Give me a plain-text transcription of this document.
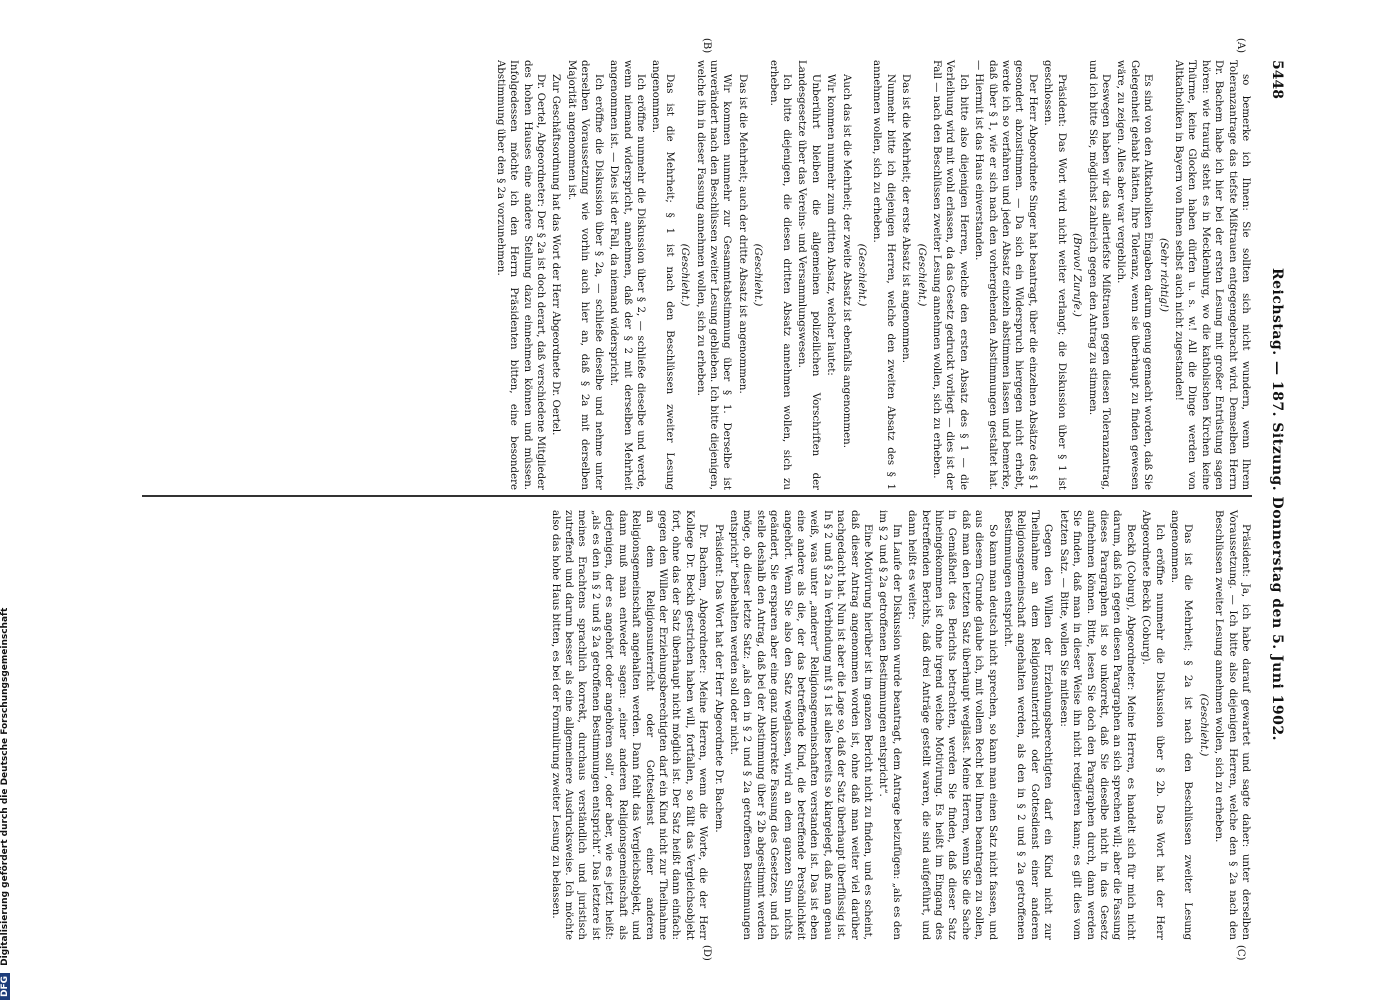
5448
Reichstag. — 187. Sitzung. Donnerstag den 5. Juni 1902.
(A)
(B)
(C)
(D)

so bemerke ich Ihnen: Sie sollten sich nicht wundern, wenn Ihrem Toleranzantrage das tiefste Mißtrauen entgegengebracht wird. Demselben Herrn Dr. Bachem habe ich hier bei der ersten Lesung mit großer Entrüstung sagen hören: wie traurig steht es in Mecklenburg, wo die katholischen Kirchen keine Thürme, keine Glocken haben dürfen u. s. w.! All die Dinge werden von Altkatholiken in Bayern von Ihnen selbst auch nicht zugestanden!

(Sehr richtig!)

Es sind von den Altkatholiken Eingaben darum genug gemacht worden, daß Sie Gelegenheit gehabt hätten, Ihre Toleranz, wenn sie überhaupt zu finden gewesen wäre, zu zeigen. Alles aber war vergeblich.

Deswegen haben wir das allertiefste Mißtrauen gegen diesen Toleranzantrag, und ich bitte Sie, möglichst zahlreich gegen den Antrag zu stimmen.

(Bravo! Zurufe.)

Präsident: Das Wort wird nicht weiter verlangt; die Diskussion über § 1 ist geschlossen.

Der Herr Abgeordnete Singer hat beantragt, über die einzelnen Absätze des § 1 gesondert abzustimmen. — Da sich ein Widerspruch hiergegen nicht erhebt, werde ich so verfahren und jeden Absatz einzeln abstimmen lassen und bemerke, daß über § 1, wie er sich nach den vorhergehenden Abstimmungen gestaltet hat. — Hiermit ist das Haus einverstanden.

Ich bitte also diejenigen Herren, welche den ersten Absatz des § 1 — die Verleihung wird mit wohl erlassen, da das Gesetz gedruckt vorliegt — dies ist der Fall — nach den Beschlüssen zweiter Lesung annehmen wollen, sich zu erheben.

(Geschieht.)

Das ist die Mehrheit; der erste Absatz ist angenommen.

Nunmehr bitte ich diejenigen Herren, welche den zweiten Absatz des § 1 annehmen wollen, sich zu erheben.

(Geschieht.)

Auch das ist die Mehrheit; der zweite Absatz ist ebenfalls angenommen.

Wir kommen nunmehr zum dritten Absatz, welcher lautet:

Unberührt bleiben die allgemeinen polizeilichen Vorschriften der Landesgesetze über das Vereins- und Versammlungswesen.

Ich bitte diejenigen, die diesen dritten Absatz annehmen wollen, sich zu erheben.

(Geschieht.)

Das ist die Mehrheit; auch der dritte Absatz ist angenommen.

Wir kommen nunmehr zur Gesammtabstimmung über § 1. Derselbe ist unverändert nach den Beschlüssen zweiter Lesung geblieben. Ich bitte diejenigen, welche ihn in dieser Fassung annehmen wollen, sich zu erheben.

(Geschieht.)

Das ist die Mehrheit; § 1 ist nach den Beschlüssen zweiter Lesung angenommen.

Ich eröffne nunmehr die Diskussion über § 2, — schließe dieselbe und werde, wenn niemand widerspricht, annehmen, daß der § 2 mit derselben Mehrheit angenommen ist. — Dies ist der Fall, da niemand widerspricht.

Ich eröffne die Diskussion über § 2a, — schließe dieselbe und nehme unter derselben Voraussetzung wie vorhin auch hier an, daß § 2a mit derselben Majorität angenommen ist.

Zur Geschäftsordnung hat das Wort der Herr Abgeordnete Dr. Oertel.

Dr. Oertel, Abgeordneter: Der § 2a ist doch derart, daß verschiedene Mitglieder des hohen Hauses eine andere Stellung dazu einnehmen können und müssen. Infolgedessen möchte ich den Herrn Präsidenten bitten, eine besondere Abstimmung über den § 2a vorzunehmen.

Präsident: Ja, ich habe darauf gewartet und sagte daher: unter derselben Voraussetzung. — Ich bitte also diejenigen Herren, welche den § 2a nach den Beschlüssen zweiter Lesung annehmen wollen, sich zu erheben.

(Geschieht.)

Das ist die Mehrheit; § 2a ist nach den Beschlüssen zweiter Lesung angenommen.

Ich eröffne nunmehr die Diskussion über § 2b. Das Wort hat der Herr Abgeordnete Beckh (Coburg).

Beckh (Coburg), Abgeordneter: Meine Herren, es handelt sich für mich nicht darum, daß ich gegen diesen Paragraphen an sich sprechen will; aber die Fassung dieses Paragraphen ist so unkorrekt, daß Sie dieselbe nicht in das Gesetz aufnehmen können. Bitte, lesen Sie doch den Paragraphen durch, dann werden Sie finden, daß man in dieser Weise ihn nicht redigieren kann; es gilt dies vom letzten Satz. — Bitte, wollen Sie mitlesen:

Gegen den Willen der Erziehungsberechtigten darf ein Kind nicht zur Theilnahme an dem Religionsunterricht oder Gottesdienst einer anderen Religionsgemeinschaft angehalten werden, als den in § 2 und § 2a getroffenen Bestimmungen entspricht.

So kann man deutsch nicht sprechen, so kann man einen Satz nicht fassen, und aus diesem Grunde glaube ich, mit vollem Recht bei Ihnen beantragen zu sollen, daß man den letzten Satz überhaupt weglässt. Meine Herren, wenn Sie die Sache in Gemäßheit des Berichts betrachten, werden Sie finden, daß dieser Satz hineingekommen ist ohne irgend welche Motivirung. Es heißt im Eingang des betreffenden Berichts, daß drei Anträge gestellt waren, die sind aufgeführt, und dann heißt es weiter:

Im Laufe der Diskussion wurde beantragt, dem Antrage beizufügen: „als es den im § 2 und § 2a getroffenen Bestimmungen entspricht“.

Eine Motivirung hierüber ist im ganzen Bericht nicht zu finden, und es scheint, daß dieser Antrag angenommen worden ist, ohne daß man weiter viel darüber nachgedacht hat. Nun ist aber die Lage so, daß der Satz überhaupt überflüssig ist. In § 2 und § 2a in Verbindung mit § 1 ist alles bereits so klargelegt, daß man genau weiß, was unter „anderer“ Religionsgemeinschaften verstanden ist. Das ist eben eine andere als die, der das betreffende Kind, die betreffende Persönlichkeit angehört. Wenn Sie also den Satz weglassen, wird an dem ganzen Sinn nichts geändert, Sie ersparen aber eine ganz unkorrekte Fassung des Gesetzes, und ich stelle deshalb den Antrag, daß bei der Abstimmung über § 2b abgestimmt werden möge, ob dieser letzte Satz: „als den in § 2 und § 2a getroffenen Bestimmungen entspricht“ beibehalten werden soll oder nicht.

Präsident: Das Wort hat der Herr Abgeordnete Dr. Bachem.

Dr. Bachem, Abgeordneter: Meine Herren, wenn die Worte, die der Herr Kollege Dr. Beckh gestrichen haben will, fortfallen, so fällt das Vergleichsobjekt fort, ohne das der Satz überhaupt nicht möglich ist. Der Satz heißt dann einfach: gegen den Willen der Erziehungsberechtigten darf ein Kind nicht zur Theilnahme an dem Religionsunterricht oder Gottesdienst einer anderen Religionsgemeinschaft angehalten werden. Dann fehlt das Vergleichsobjekt, und dann muß man entweder sagen: „einer anderen Religionsgemeinschaft als derjenigen, der es angehört oder angehören soll“, oder aber, wie es jetzt heißt: „als es den in § 2 und § 2a getroffenen Bestimmungen entspricht“. Das letztere ist meines Erachtens sprachlich korrekt, durchaus verständlich und juristisch zutreffend und darum besser als eine allgemeinere Ausdrucksweise. Ich möchte also das hohe Haus bitten, es bei der Formulirung zweiter Lesung zu belassen.

DFG Digitalisierung gefördert durch die Deutsche Forschungsgemeinschaft
